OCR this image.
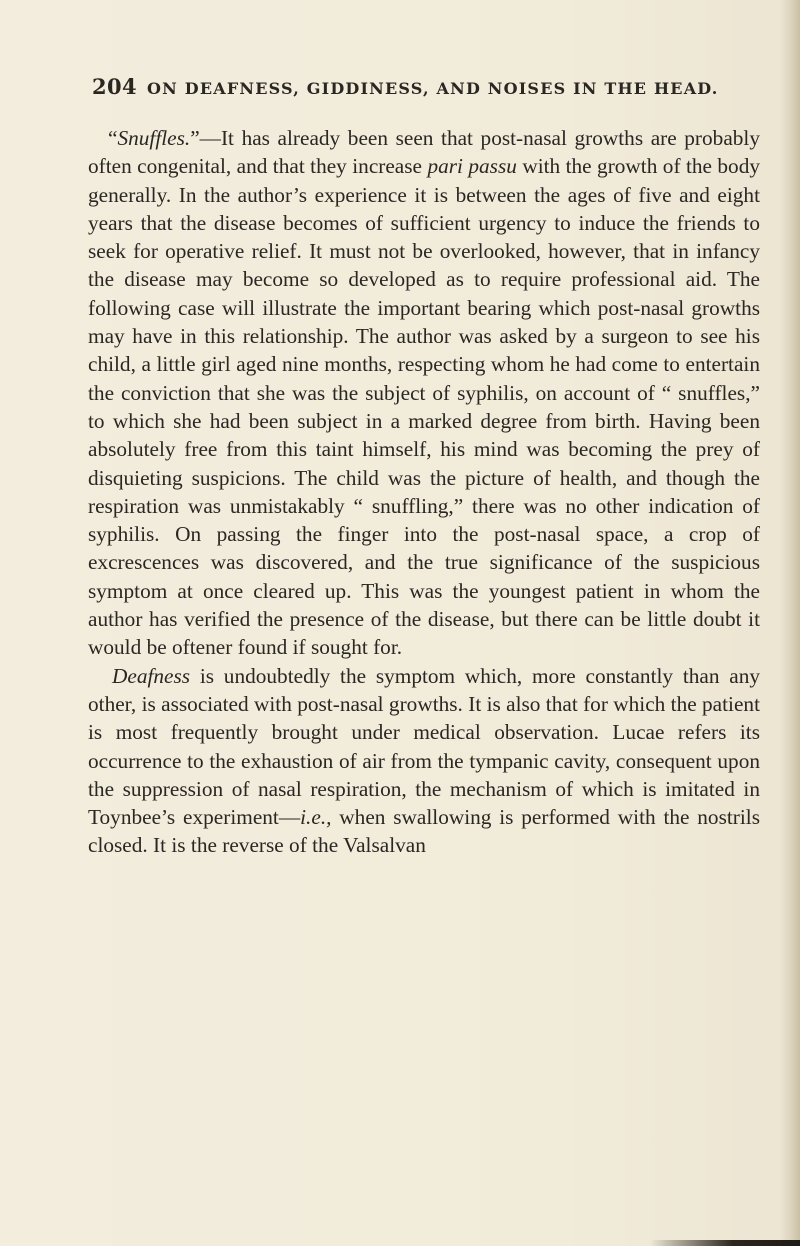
204 ON DEAFNESS, GIDDINESS, AND NOISES IN THE HEAD.

“Snuffles.”—It has already been seen that post-nasal growths are probably often congenital, and that they increase pari passu with the growth of the body generally. In the author’s experience it is between the ages of five and eight years that the disease becomes of sufficient urgency to induce the friends to seek for operative relief. It must not be overlooked, however, that in infancy the disease may become so developed as to require professional aid. The following case will illustrate the important bearing which post-nasal growths may have in this relationship. The author was asked by a surgeon to see his child, a little girl aged nine months, respecting whom he had come to entertain the conviction that she was the subject of syphilis, on account of “ snuffles,” to which she had been subject in a marked degree from birth. Having been absolutely free from this taint himself, his mind was becoming the prey of disquieting suspicions. The child was the picture of health, and though the respiration was unmistakably “ snuffling,” there was no other indication of syphilis. On passing the finger into the post-nasal space, a crop of excrescences was discovered, and the true significance of the suspicious symptom at once cleared up. This was the youngest patient in whom the author has verified the presence of the disease, but there can be little doubt it would be oftener found if sought for.

Deafness is undoubtedly the symptom which, more constantly than any other, is associated with post-nasal growths. It is also that for which the patient is most frequently brought under medical observation. Lucae refers its occurrence to the exhaustion of air from the tympanic cavity, consequent upon the suppression of nasal respiration, the mechanism of which is imitated in Toynbee’s experiment—i.e., when swallowing is performed with the nostrils closed. It is the reverse of the Valsalvan
